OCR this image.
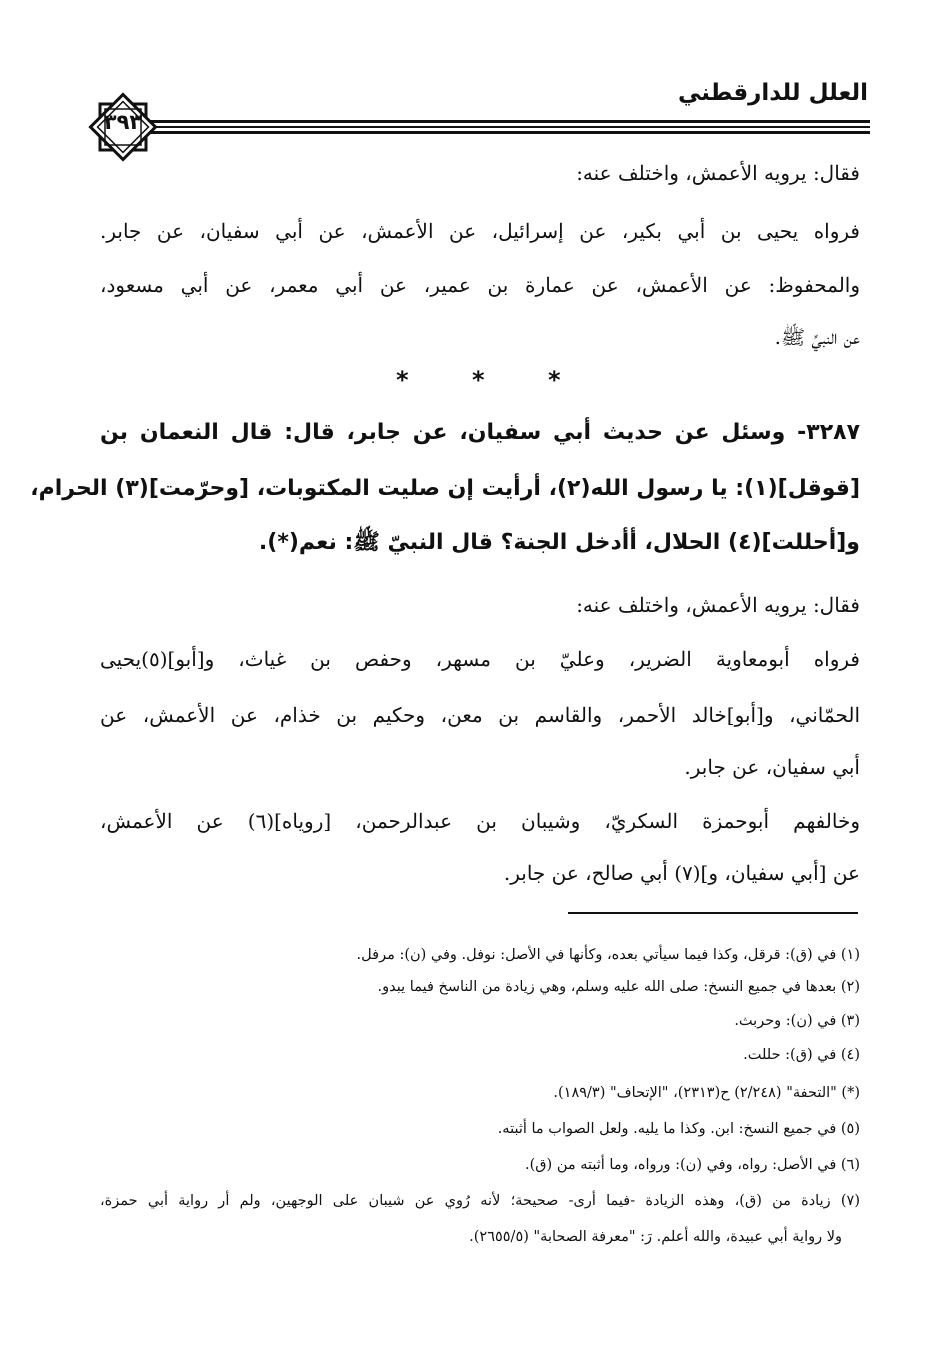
العلل للدارقطني
٣٩٣
فقال: يرويه الأعمش، واختلف عنه:
فرواه يحيى بن أبي بكير، عن إسرائيل، عن الأعمش، عن أبي سفيان، عن جابر.
والمحفوظ: عن الأعمش، عن عمارة بن عمير، عن أبي معمر، عن أبي مسعود،
عن النبيِّ ﷺ.
*	*	*
٣٢٨٧- وسئل عن حديث أبي سفيان، عن جابر، قال: قال النعمان بن
[قوقل](١): يا رسول الله(٢)، أرأيت إن صليت المكتوبات، [وحرّمت](٣) الحرام،
و[أحللت](٤) الحلال، أأدخل الجنة؟ قال النبيّ ﷺ: نعم(*).
فقال: يرويه الأعمش، واختلف عنه:
فرواه أبومعاوية الضرير، وعليّ بن مسهر، وحفص بن غياث، و[أبو](٥)يحيى
الحمّاني، و[أبو]خالد الأحمر، والقاسم بن معن، وحكيم بن خذام، عن الأعمش، عن
أبي سفيان، عن جابر.
وخالفهم أبوحمزة السكريّ، وشيبان بن عبدالرحمن، [روياه](٦) عن الأعمش،
عن [أبي سفيان، و](٧) أبي صالح، عن جابر.
(١) في (ق): قرقل، وكذا فيما سيأتي بعده، وكأنها في الأصل: نوفل. وفي (ن): مرفل.
(٢) بعدها في جميع النسخ: صلى الله عليه وسلم، وهي زيادة من الناسخ فيما يبدو.
(٣) في (ن): وحربث.
(٤) في (ق): حللت.
(*) "التحفة" (٢/٢٤٨) ح(٢٣١٣)، "الإتحاف" (١٨٩/٣).
(٥) في جميع النسخ: ابن. وكذا ما يليه. ولعل الصواب ما أثبته.
(٦) في الأصل: رواه، وفي (ن): ورواه، وما أثبته من (ق).
(٧) زيادة من (ق)، وهذه الزيادة -فيما أرى- صحيحة؛ لأنه رُوي عن شيبان على الوجهين، ولم أر رواية أبي حمزة،
ولا رواية أبي عبيدة، والله أعلم. رَ: "معرفة الصحابة" (٢٦٥٥/٥).
